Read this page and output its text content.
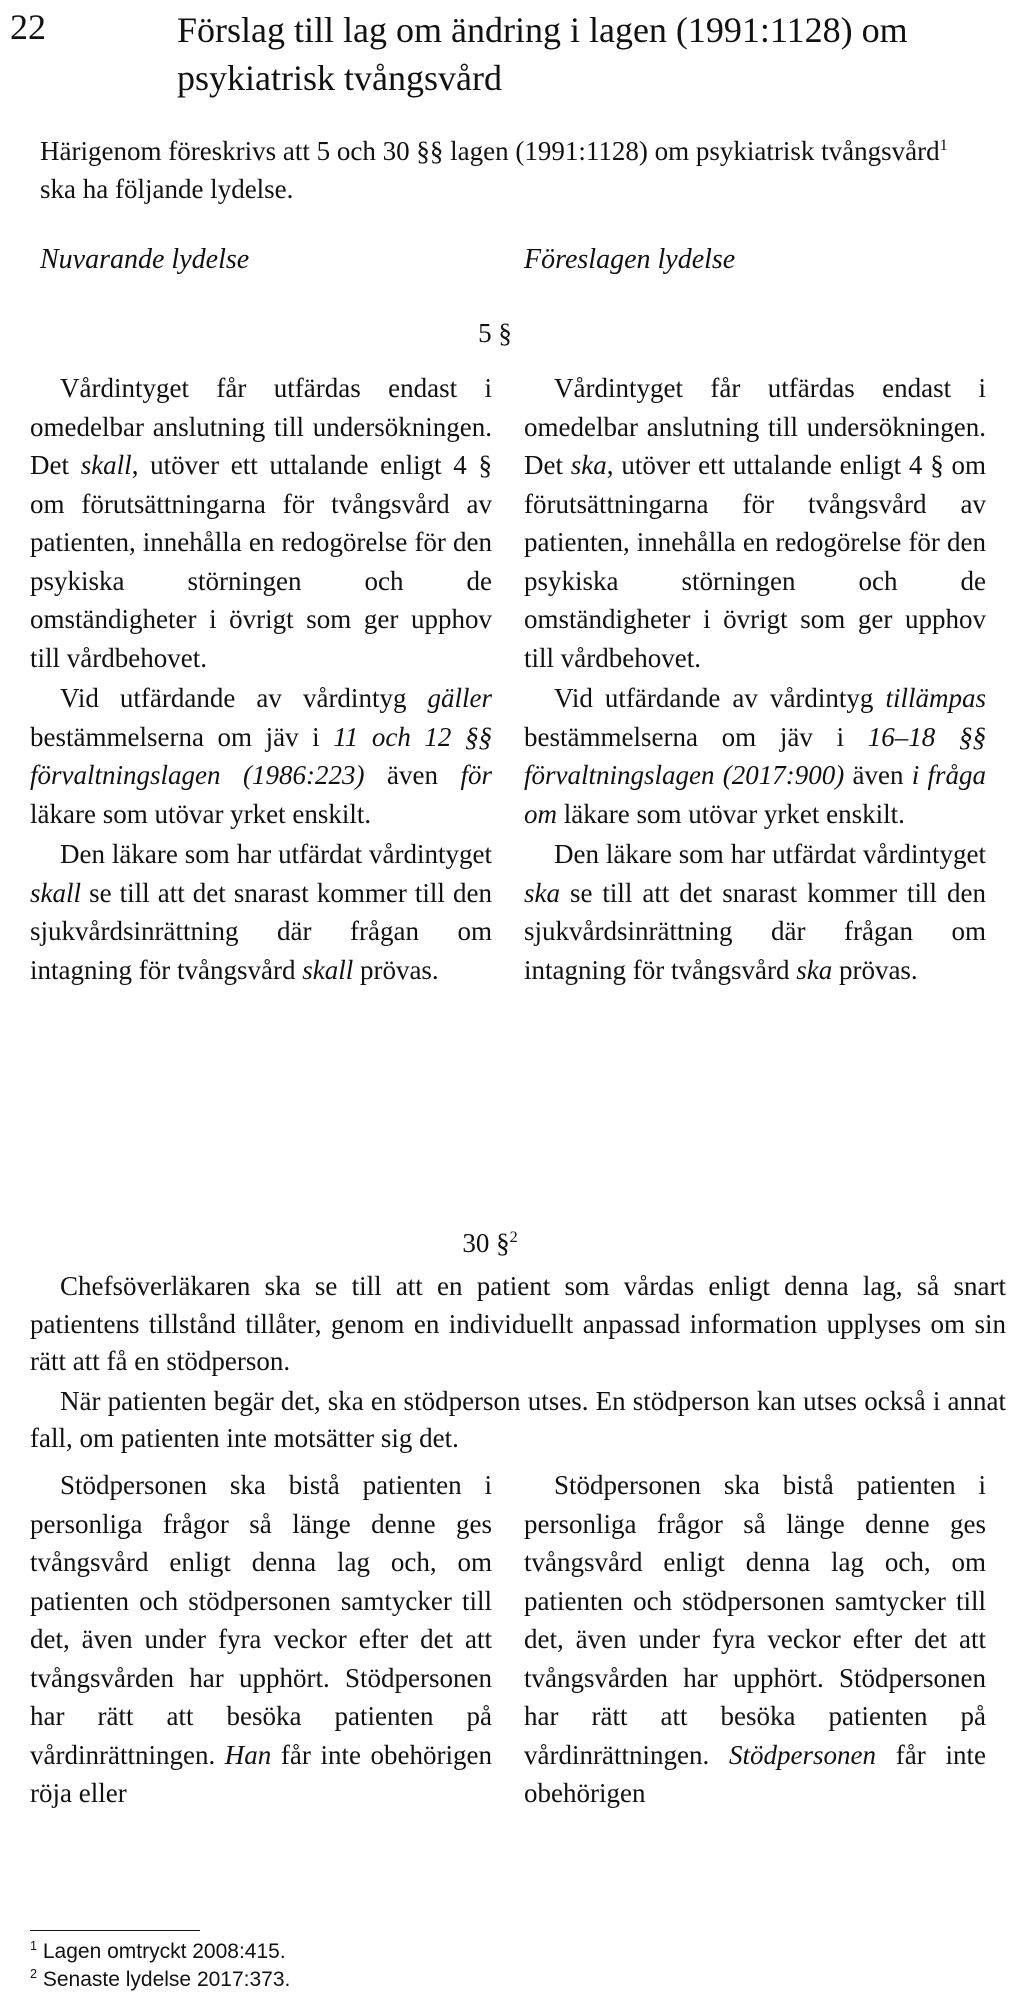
22	Förslag till lag om ändring i lagen (1991:1128) om psykiatrisk tvångsvård
Härigenom föreskrivs att 5 och 30 §§ lagen (1991:1128) om psykiatrisk tvångsvård$^1$ ska ha följande lydelse.
Nuvarande lydelse	Föreslagen lydelse
5 §

Vårdintyget får utfärdas endast i omedelbar anslutning till undersökningen. Det skall, utöver ett uttalande enligt 4 § om förutsättningarna för tvångsvård av patienten, innehålla en redogörelse för den psykiska störningen och de omständigheter i övrigt som ger upphov till vårdbehovet.

Vid utfärdande av vårdintyg gäller bestämmelserna om jäv i 11 och 12 §§ förvaltningslagen (1986:223) även för läkare som utövar yrket enskilt.

Den läkare som har utfärdat vårdintyget skall se till att det snarast kommer till den sjukvårdsinrättning där frågan om intagning för tvångsvård skall prövas.

Vårdintyget får utfärdas endast i omedelbar anslutning till undersökningen. Det ska, utöver ett uttalande enligt 4 § om förutsättningarna för tvångsvård av patienten, innehålla en redogörelse för den psykiska störningen och de omständigheter i övrigt som ger upphov till vårdbehovet.

Vid utfärdande av vårdintyg tillämpas bestämmelserna om jäv i 16–18 §§ förvaltningslagen (2017:900) även i fråga om läkare som utövar yrket enskilt.

Den läkare som har utfärdat vårdintyget ska se till att det snarast kommer till den sjukvårdsinrättning där frågan om intagning för tvångsvård ska prövas.

30 §$^2$

Chefsöverläkaren ska se till att en patient som vårdas enligt denna lag, så snart patientens tillstånd tillåter, genom en individuellt anpassad information upplyses om sin rätt att få en stödperson.

När patienten begär det, ska en stödperson utses. En stödperson kan utses också i annat fall, om patienten inte motsätter sig det.

Stödpersonen ska bistå patienten i personliga frågor så länge denne ges tvångsvård enligt denna lag och, om patienten och stödpersonen samtycker till det, även under fyra veckor efter det att tvångsvården har upphört. Stödpersonen har rätt att besöka patienten på vårdinrättningen. Han får inte obehörigen röja eller

Stödpersonen ska bistå patienten i personliga frågor så länge denne ges tvångsvård enligt denna lag och, om patienten och stödpersonen samtycker till det, även under fyra veckor efter det att tvångsvården har upphört. Stödpersonen har rätt att besöka patienten på vårdinrättningen. Stödpersonen får inte obehörigen

$^1$ Lagen omtryckt 2008:415.
$^2$ Senaste lydelse 2017:373.
